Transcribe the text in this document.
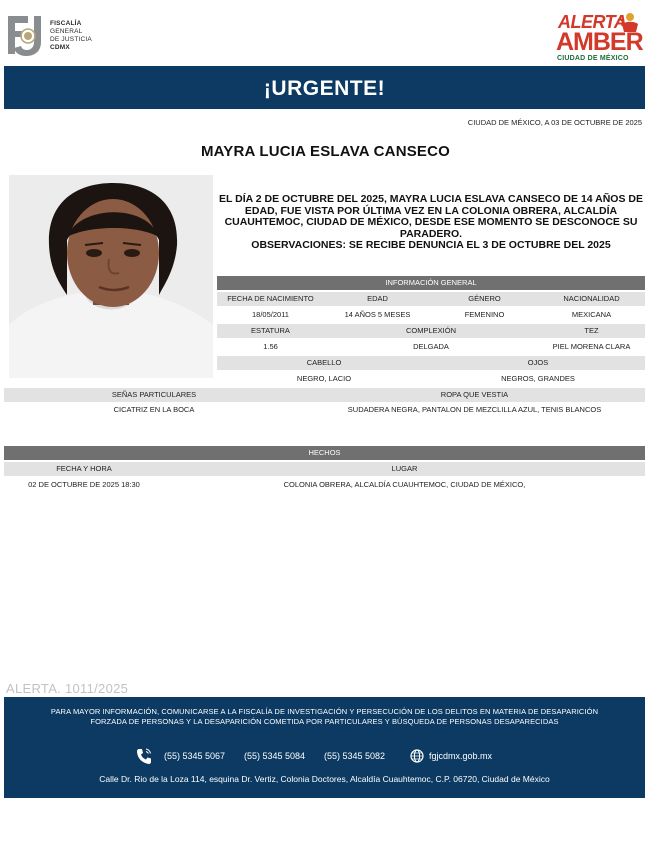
FISCALÍA
GENERAL
DE JUSTICIA
CDMX
ALERTA
AMBER
CIUDAD DE MÉXICO
¡URGENTE!
CIUDAD DE MÉXICO, A 03 DE OCTUBRE DE 2025
MAYRA LUCIA ESLAVA CANSECO

EL DÍA 2 DE OCTUBRE DEL 2025, MAYRA LUCIA ESLAVA CANSECO DE 14 AÑOS DE EDAD, FUE VISTA POR ÚLTIMA VEZ EN LA COLONIA OBRERA, ALCALDÍA CUAUHTEMOC, CIUDAD DE MÉXICO, DESDE ESE MOMENTO SE DESCONOCE SU PARADERO.

OBSERVACIONES: SE RECIBE DENUNCIA EL 3 DE OCTUBRE DEL 2025

INFORMACIÓN GENERAL
FECHA DE NACIMIENTO	EDAD	GÉNERO	NACIONALIDAD
18/05/2011	14 AÑOS 5 MESES	FEMENINO	MEXICANA
ESTATURA	COMPLEXIÓN	TEZ
1.56	DELGADA	PIEL MORENA CLARA
CABELLO	OJOS
NEGRO, LACIO	NEGROS, GRANDES
SEÑAS PARTICULARES	ROPA QUE VESTIA
CICATRIZ EN LA BOCA	SUDADERA NEGRA, PANTALON DE MEZCLILLA AZUL, TENIS BLANCOS
HECHOS
FECHA Y HORA	LUGAR
02 DE OCTUBRE DE 2025 18:30	COLONIA OBRERA, ALCALDÍA CUAUHTEMOC, CIUDAD DE MÉXICO,
ALERTA. 1011/2025
PARA MAYOR INFORMACIÓN, COMUNICARSE A LA FISCALÍA DE INVESTIGACIÓN Y PERSECUCIÓN DE LOS DELITOS EN MATERIA DE DESAPARICIÓN
FORZADA DE PERSONAS Y LA DESAPARICIÓN COMETIDA POR PARTICULARES Y BÚSQUEDA DE PERSONAS DESAPARECIDAS
(55) 5345 5067 (55) 5345 5084 (55) 5345 5082	fgjcdmx.gob.mx
Calle Dr. Rio de la Loza 114, esquina Dr. Vertiz, Colonia Doctores, Alcaldía Cuauhtemoc, C.P. 06720, Ciudad de México
